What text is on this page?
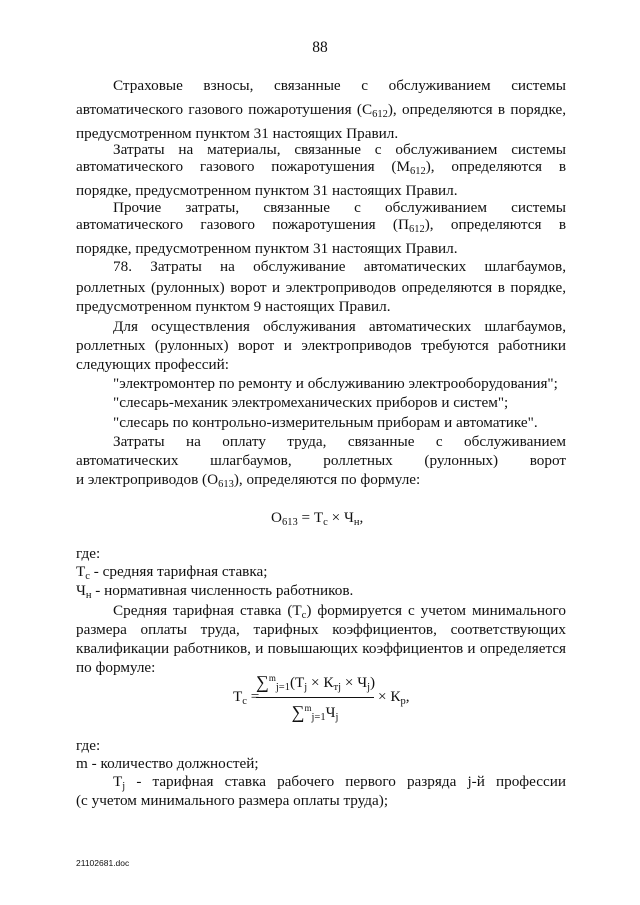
88
Страховые взносы, связанные с обслуживанием системы
автоматического газового пожаротушения $(С_{612})$, определяются в порядке,
предусмотренном пунктом 31 настоящих Правил.
Затраты на материалы, связанные с обслуживанием системы
автоматического газового пожаротушения $(М_{612})$, определяются в
порядке, предусмотренном пунктом 31 настоящих Правил.
Прочие затраты, связанные с обслуживанием системы
автоматического газового пожаротушения $(П_{612})$, определяются в
порядке, предусмотренном пунктом 31 настоящих Правил.
78. Затраты на обслуживание автоматических шлагбаумов,
роллетных (рулонных) ворот и электроприводов определяются в порядке,
предусмотренном пунктом 9 настоящих Правил.
Для осуществления обслуживания автоматических шлагбаумов,
роллетных (рулонных) ворот и электроприводов требуются работники
следующих профессий:
"электромонтер по ремонту и обслуживанию электрооборудования";
"слесарь-механик электромеханических приборов и систем";
"слесарь по контрольно-измерительным приборам и автоматике".
Затраты на оплату труда, связанные с обслуживанием
автоматических шлагбаумов, роллетных (рулонных) ворот
и электроприводов $(О_{613})$, определяются по формуле:
$О_{613} = Т_с \times Ч_н$,
где:
$Т_с$ - средняя тарифная ставка;
$Ч_н$ - нормативная численность работников.
Средняя тарифная ставка $(Т_с)$ формируется с учетом минимального
размера оплаты труда, тарифных коэффициентов, соответствующих
квалификации работников, и повышающих коэффициентов и определяется
по формуле:
$Т_с$ =
$\sum^m_{j=1}(Т_j \times К_{тj} \times Ч_j)$
$\sum^m_{j=1}Ч_j$
× $К_р$,
где:
m - количество должностей;
$Т_j$ - тарифная ставка рабочего первого разряда j-й профессии
(с учетом минимального размера оплаты труда);
21102681.doc
